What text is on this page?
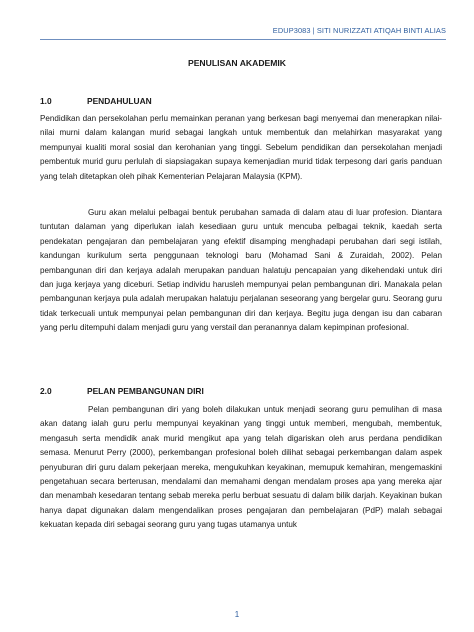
EDUP3083 | SITI NURIZZATI ATIQAH BINTI ALIAS
PENULISAN AKADEMIK
1.0	PENDAHULUAN

Pendidikan dan persekolahan perlu memainkan peranan yang berkesan bagi menyemai dan menerapkan nilai-nilai murni dalam kalangan murid sebagai langkah untuk membentuk dan melahirkan masyarakat yang mempunyai kualiti moral sosial dan kerohanian yang tinggi. Sebelum pendidikan dan persekolahan menjadi pembentuk murid guru perlulah di siapsiagakan supaya kemenjadian murid tidak terpesong dari garis panduan yang telah ditetapkan oleh pihak Kementerian Pelajaran Malaysia (KPM).

Guru akan melalui pelbagai bentuk perubahan samada di dalam atau di luar profesion. Diantara tuntutan dalaman yang diperlukan ialah kesediaan guru untuk mencuba pelbagai teknik, kaedah serta pendekatan pengajaran dan pembelajaran yang efektif disamping menghadapi perubahan dari segi istilah, kandungan kurikulum serta penggunaan teknologi baru (Mohamad Sani & Zuraidah, 2002). Pelan pembangunan diri dan kerjaya adalah merupakan panduan halatuju pencapaian yang dikehendaki untuk diri dan juga kerjaya yang diceburi. Setiap individu harusleh mempunyai pelan pembangunan diri. Manakala pelan pembangunan kerjaya pula adalah merupakan halatuju perjalanan seseorang yang bergelar guru. Seorang guru tidak terkecuali untuk mempunyai pelan pembangunan diri dan kerjaya. Begitu juga dengan isu dan cabaran yang perlu ditempuhi dalam menjadi guru yang verstail dan peranannya dalam kepimpinan profesional.

2.0	PELAN PEMBANGUNAN DIRI

Pelan pembangunan diri yang boleh dilakukan untuk menjadi seorang guru pemulihan di masa akan datang ialah guru perlu mempunyai keyakinan yang tinggi untuk memberi, mengubah, membentuk, mengasuh serta mendidik anak murid mengikut apa yang telah digariskan oleh arus perdana pendidikan semasa. Menurut Perry (2000), perkembangan profesional boleh dilihat sebagai perkembangan dalam aspek penyuburan diri guru dalam pekerjaan mereka, mengukuhkan keyakinan, memupuk kemahiran, mengemaskini pengetahuan secara berterusan, mendalami dan memahami dengan mendalam proses apa yang mereka ajar dan menambah kesedaran tentang sebab mereka perlu berbuat sesuatu di dalam bilik darjah. Keyakinan bukan hanya dapat digunakan dalam mengendalikan proses pengajaran dan pembelajaran (PdP) malah sebagai kekuatan kepada diri sebagai seorang guru yang tugas utamanya untuk

1
